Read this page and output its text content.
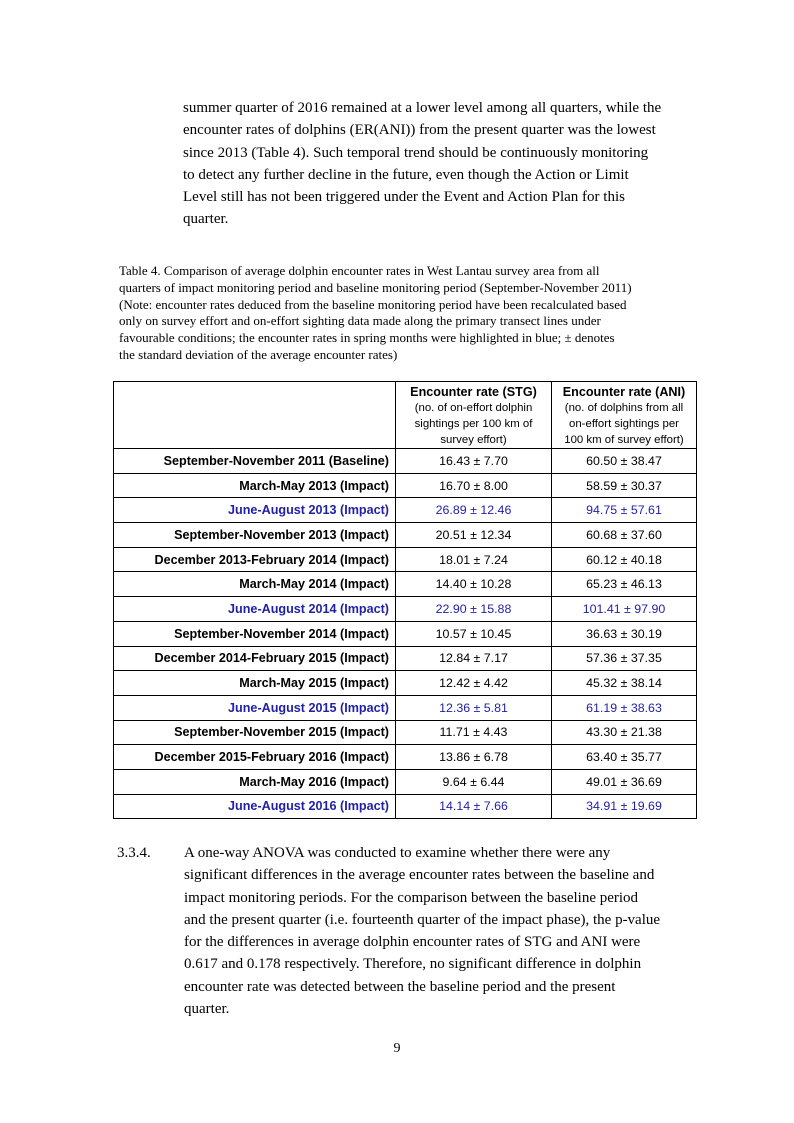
summer quarter of 2016 remained at a lower level among all quarters, while the
encounter rates of dolphins (ER(ANI)) from the present quarter was the lowest
since 2013 (Table 4). Such temporal trend should be continuously monitoring
to detect any further decline in the future, even though the Action or Limit
Level still has not been triggered under the Event and Action Plan for this
quarter.
Table 4. Comparison of average dolphin encounter rates in West Lantau survey area from all
quarters of impact monitoring period and baseline monitoring period (September-November 2011)
(Note: encounter rates deduced from the baseline monitoring period have been recalculated based
only on survey effort and on-effort sighting data made along the primary transect lines under
favourable conditions; the encounter rates in spring months were highlighted in blue; ± denotes
the standard deviation of the average encounter rates)

	Encounter rate (STG)
(no. of on-effort dolphin
sightings per 100 km of
survey effort)	Encounter rate (ANI)
(no. of dolphins from all
on-effort sightings per
100 km of survey effort)

September-November 2011 (Baseline)	16.43 ± 7.70	60.50 ± 38.47
March-May 2013 (Impact)	16.70 ± 8.00	58.59 ± 30.37
June-August 2013 (Impact)	26.89 ± 12.46	94.75 ± 57.61
September-November 2013 (Impact)	20.51 ± 12.34	60.68 ± 37.60
December 2013-February 2014 (Impact)	18.01 ± 7.24	60.12 ± 40.18
March-May 2014 (Impact)	14.40 ± 10.28	65.23 ± 46.13
June-August 2014 (Impact)	22.90 ± 15.88	101.41 ± 97.90
September-November 2014 (Impact)	10.57 ± 10.45	36.63 ± 30.19
December 2014-February 2015 (Impact)	12.84 ± 7.17	57.36 ± 37.35
March-May 2015 (Impact)	12.42 ± 4.42	45.32 ± 38.14
June-August 2015 (Impact)	12.36 ± 5.81	61.19 ± 38.63
September-November 2015 (Impact)	11.71 ± 4.43	43.30 ± 21.38
December 2015-February 2016 (Impact)	13.86 ± 6.78	63.40 ± 35.77
March-May 2016 (Impact)	9.64 ± 6.44	49.01 ± 36.69
June-August 2016 (Impact)	14.14 ± 7.66	34.91 ± 19.69
3.3.4. A one-way ANOVA was conducted to examine whether there were any
significant differences in the average encounter rates between the baseline and
impact monitoring periods. For the comparison between the baseline period
and the present quarter (i.e. fourteenth quarter of the impact phase), the p-value
for the differences in average dolphin encounter rates of STG and ANI were
0.617 and 0.178 respectively. Therefore, no significant difference in dolphin
encounter rate was detected between the baseline period and the present
quarter.
9
